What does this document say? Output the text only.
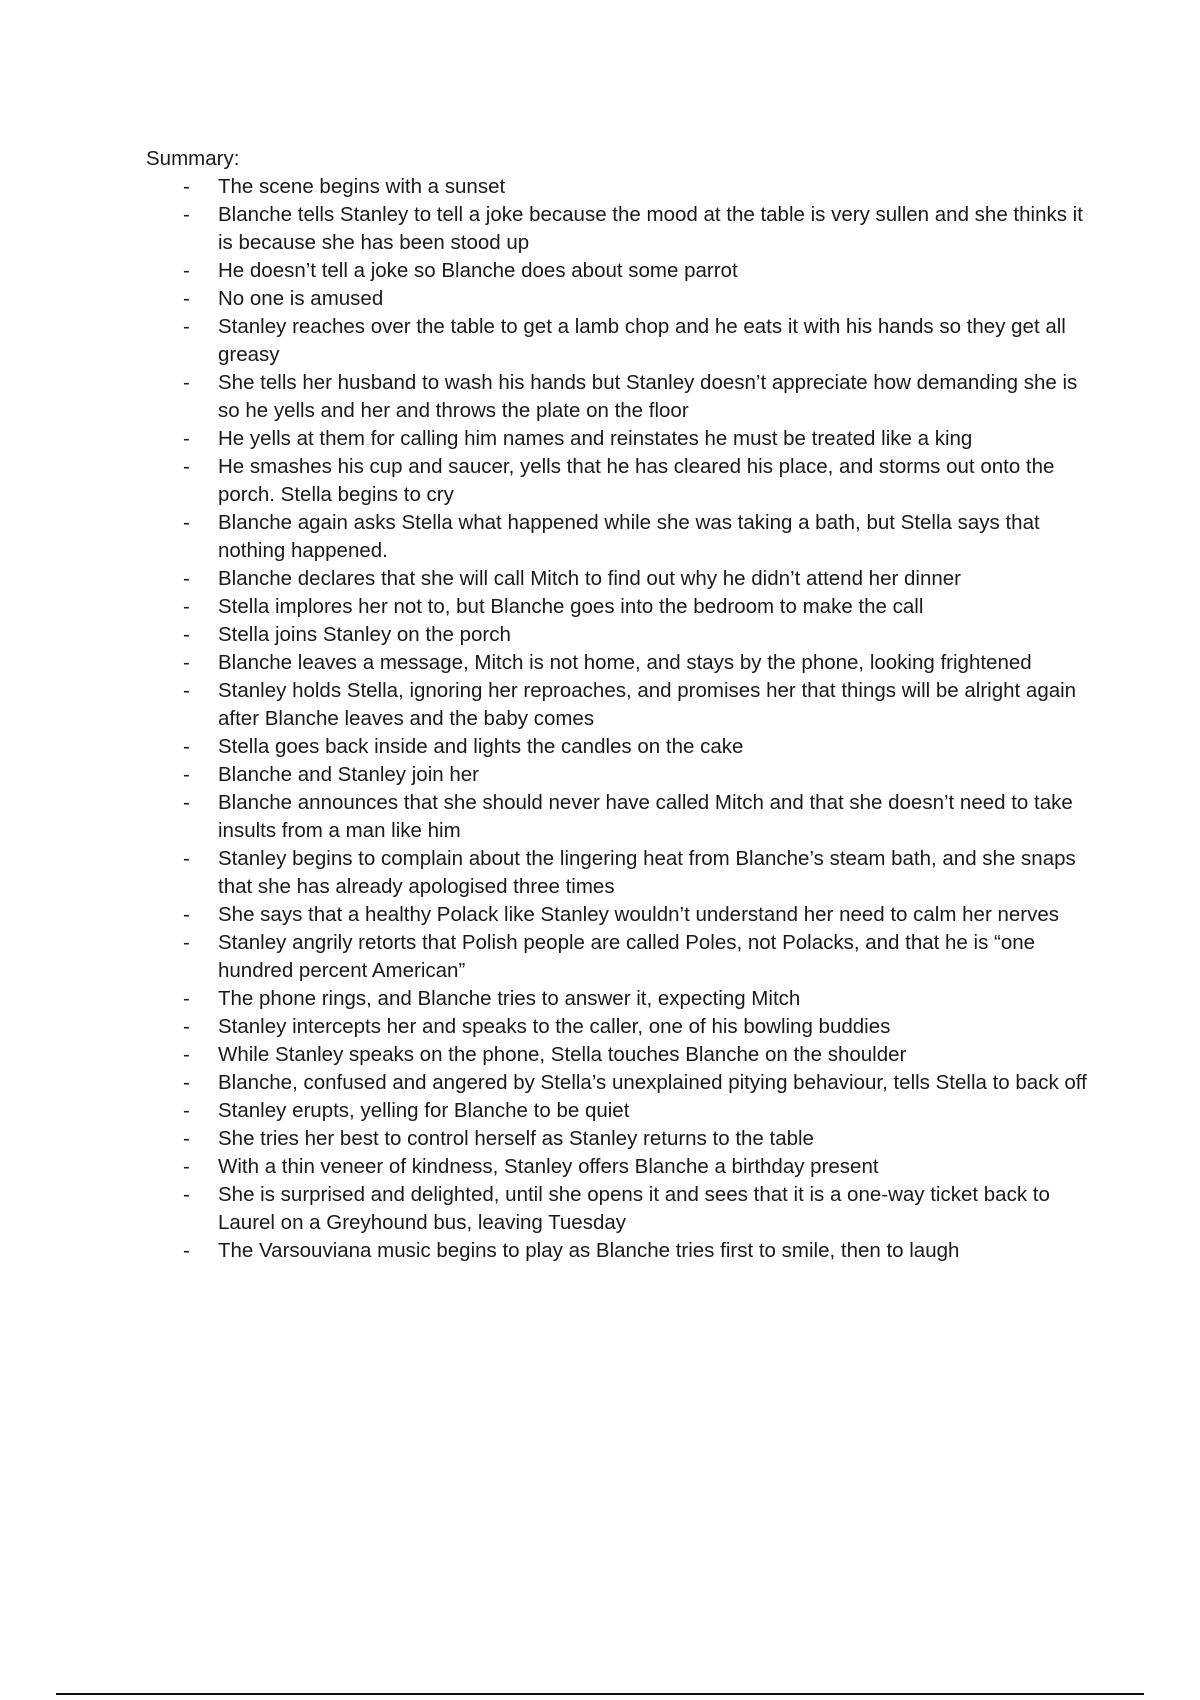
Summary:
- The scene begins with a sunset
- Blanche tells Stanley to tell a joke because the mood at the table is very sullen and she thinks it is because she has been stood up
- He doesn’t tell a joke so Blanche does about some parrot
- No one is amused
- Stanley reaches over the table to get a lamb chop and he eats it with his hands so they get all greasy
- She tells her husband to wash his hands but Stanley doesn’t appreciate how demanding she is so he yells and her and throws the plate on the floor
- He yells at them for calling him names and reinstates he must be treated like a king
- He smashes his cup and saucer, yells that he has cleared his place, and storms out onto the porch. Stella begins to cry
- Blanche again asks Stella what happened while she was taking a bath, but Stella says that nothing happened.
- Blanche declares that she will call Mitch to find out why he didn’t attend her dinner
- Stella implores her not to, but Blanche goes into the bedroom to make the call
- Stella joins Stanley on the porch
- Blanche leaves a message, Mitch is not home, and stays by the phone, looking frightened
- Stanley holds Stella, ignoring her reproaches, and promises her that things will be alright again after Blanche leaves and the baby comes
- Stella goes back inside and lights the candles on the cake
- Blanche and Stanley join her
- Blanche announces that she should never have called Mitch and that she doesn’t need to take insults from a man like him
- Stanley begins to complain about the lingering heat from Blanche’s steam bath, and she snaps that she has already apologised three times
- She says that a healthy Polack like Stanley wouldn’t understand her need to calm her nerves
- Stanley angrily retorts that Polish people are called Poles, not Polacks, and that he is “one hundred percent American”
- The phone rings, and Blanche tries to answer it, expecting Mitch
- Stanley intercepts her and speaks to the caller, one of his bowling buddies
- While Stanley speaks on the phone, Stella touches Blanche on the shoulder
- Blanche, confused and angered by Stella’s unexplained pitying behaviour, tells Stella to back off
- Stanley erupts, yelling for Blanche to be quiet
- She tries her best to control herself as Stanley returns to the table
- With a thin veneer of kindness, Stanley offers Blanche a birthday present
- She is surprised and delighted, until she opens it and sees that it is a one-way ticket back to Laurel on a Greyhound bus, leaving Tuesday
- The Varsouviana music begins to play as Blanche tries first to smile, then to laugh
